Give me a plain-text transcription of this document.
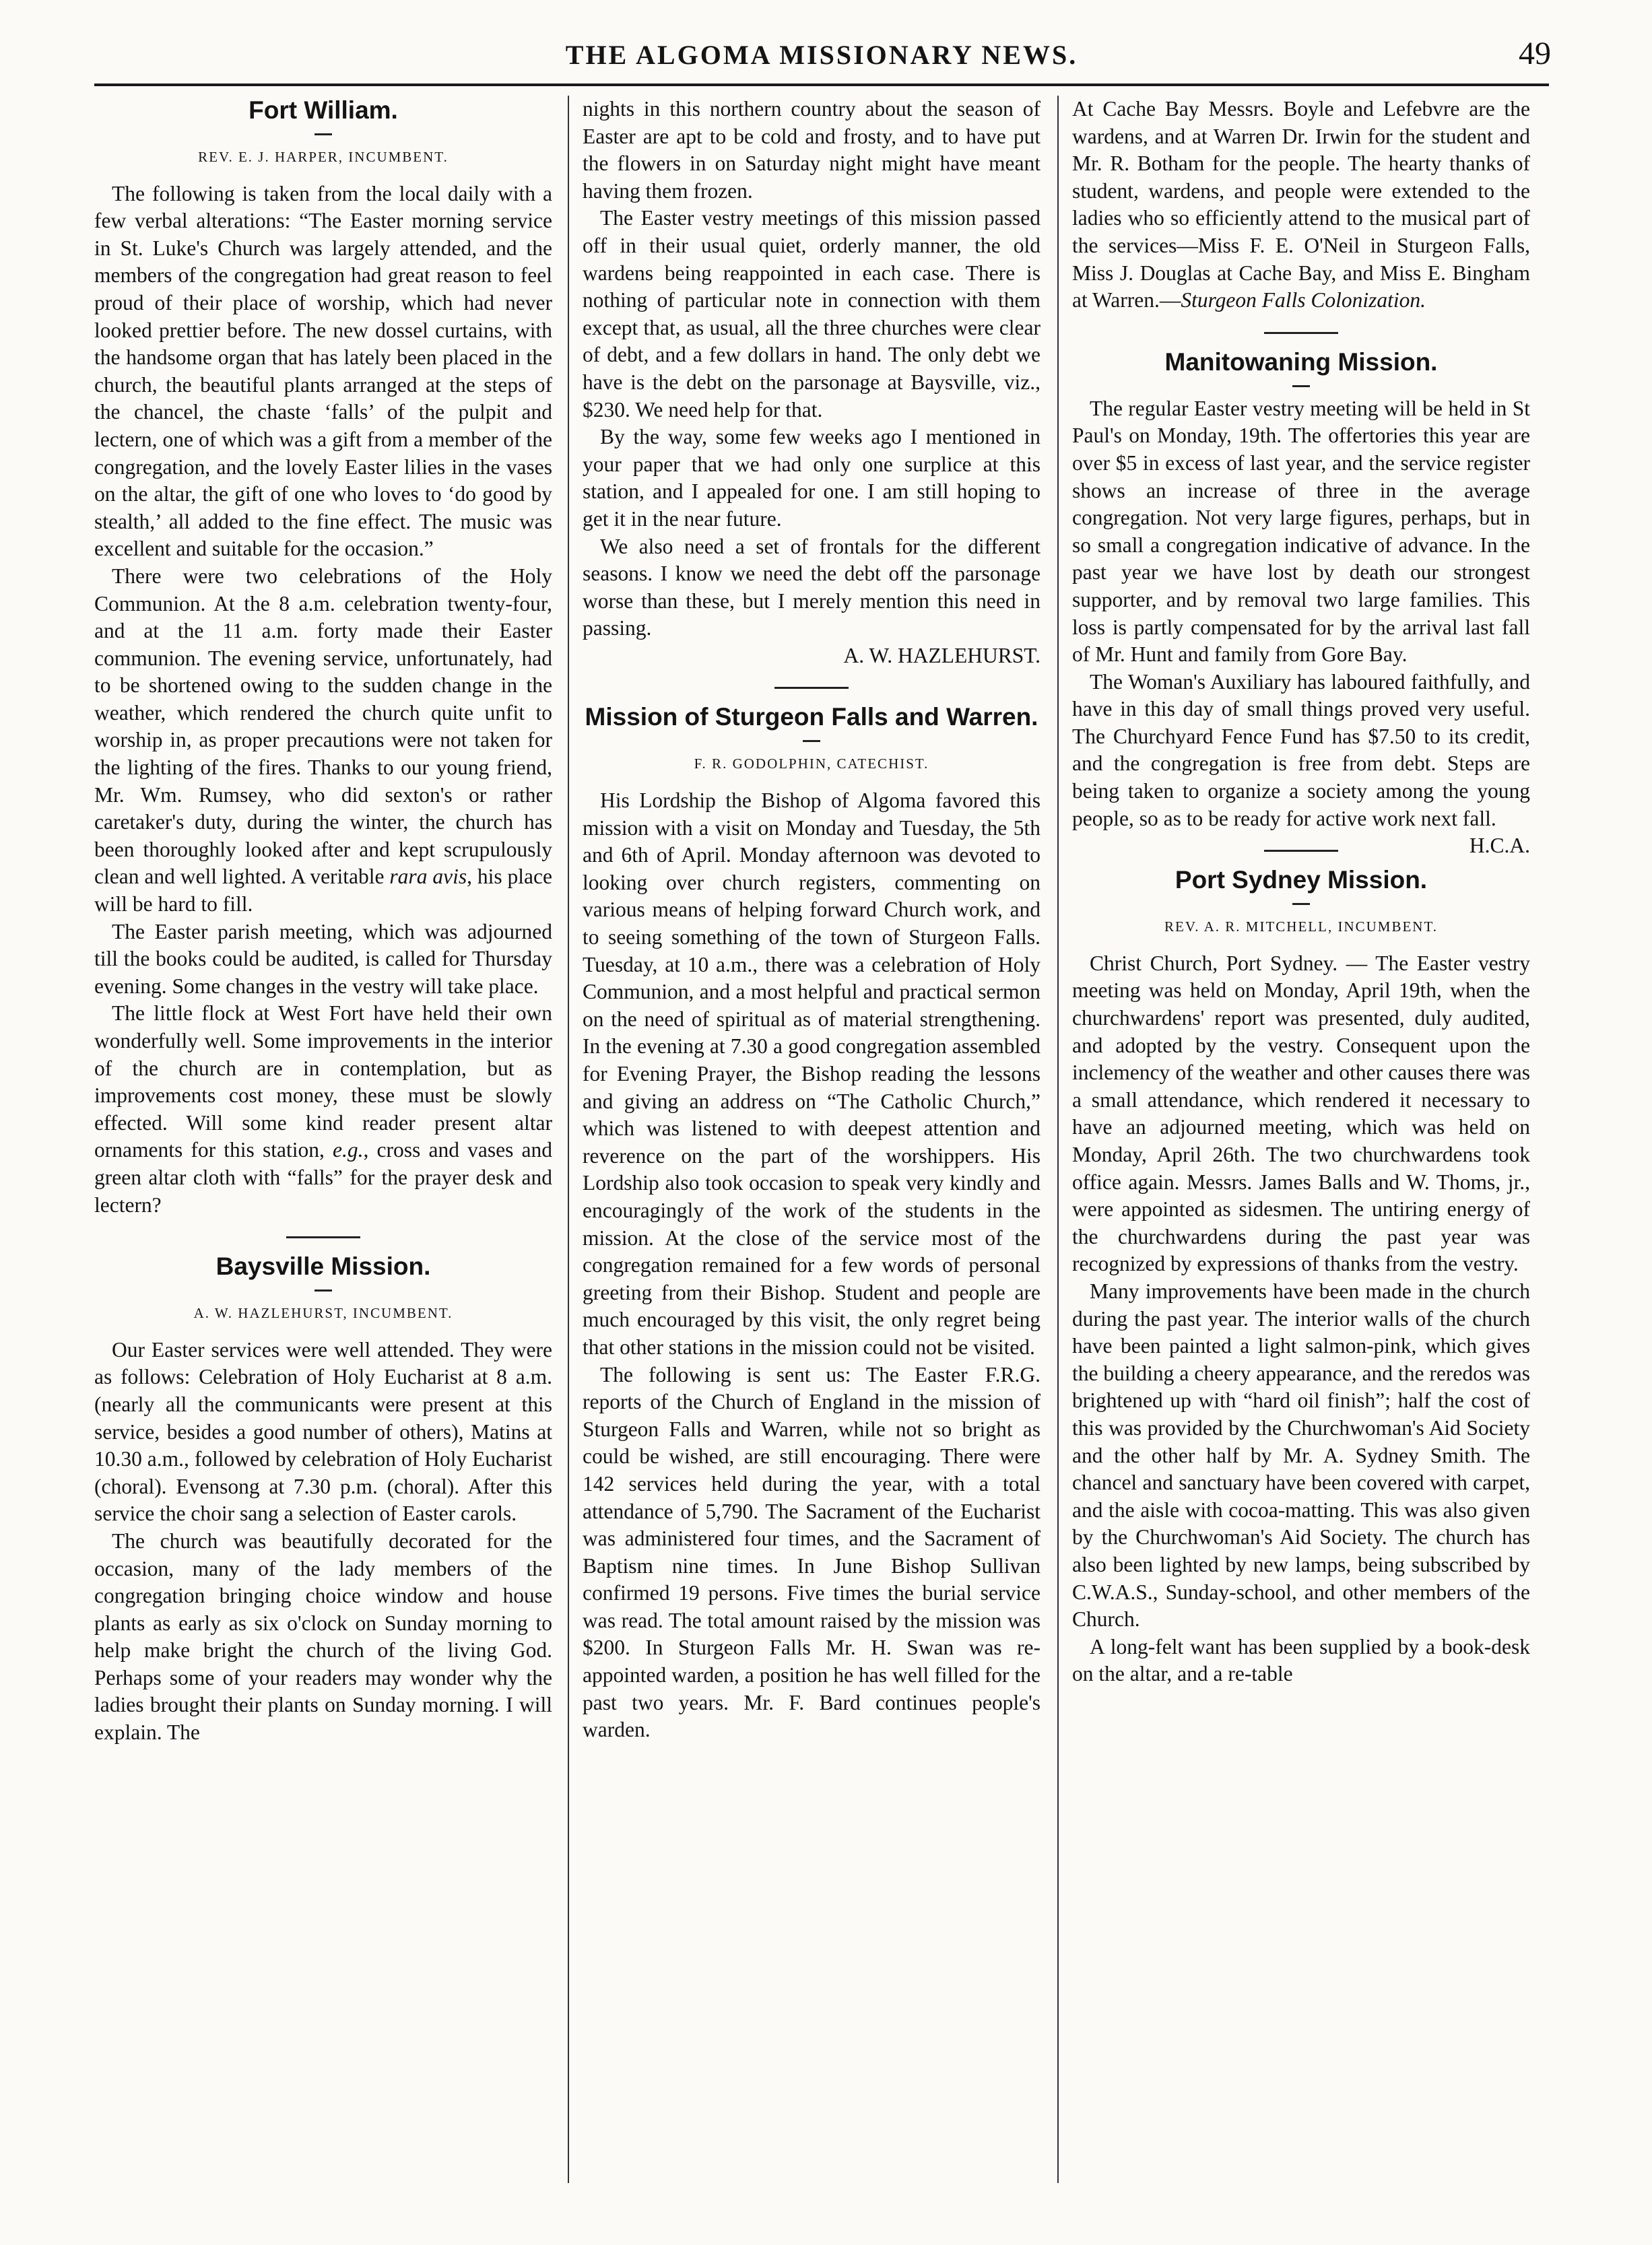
THE ALGOMA MISSIONARY NEWS.	49
Fort William.
REV. E. J. HARPER, INCUMBENT.

The following is taken from the local daily with a few verbal alterations: “The Easter morning service in St. Luke's Church was largely attended, and the members of the congregation had great reason to feel proud of their place of worship, which had never looked prettier before. The new dossel curtains, with the handsome organ that has lately been placed in the church, the beautiful plants arranged at the steps of the chancel, the chaste ‘falls’ of the pulpit and lectern, one of which was a gift from a member of the congregation, and the lovely Easter lilies in the vases on the altar, the gift of one who loves to ‘do good by stealth,’ all added to the fine effect. The music was excellent and suitable for the occasion.”

There were two celebrations of the Holy Communion. At the 8 a.m. celebration twenty-four, and at the 11 a.m. forty made their Easter communion. The evening service, unfortunately, had to be shortened owing to the sudden change in the weather, which rendered the church quite unfit to worship in, as proper precautions were not taken for the lighting of the fires. Thanks to our young friend, Mr. Wm. Rumsey, who did sexton's or rather caretaker's duty, during the winter, the church has been thoroughly looked after and kept scrupulously clean and well lighted. A veritable rara avis, his place will be hard to fill.

The Easter parish meeting, which was adjourned till the books could be audited, is called for Thursday evening. Some changes in the vestry will take place.

The little flock at West Fort have held their own wonderfully well. Some improvements in the interior of the church are in contemplation, but as improvements cost money, these must be slowly effected. Will some kind reader present altar ornaments for this station, e.g., cross and vases and green altar cloth with “falls” for the prayer desk and lectern?

Baysville Mission.
A. W. HAZLEHURST, INCUMBENT.

Our Easter services were well attended. They were as follows: Celebration of Holy Eucharist at 8 a.m. (nearly all the communicants were present at this service, besides a good number of others), Matins at 10.30 a.m., followed by celebration of Holy Eucharist (choral). Evensong at 7.30 p.m. (choral). After this service the choir sang a selection of Easter carols.

The church was beautifully decorated for the occasion, many of the lady members of the congregation bringing choice window and house plants as early as six o'clock on Sunday morning to help make bright the church of the living God. Perhaps some of your readers may wonder why the ladies brought their plants on Sunday morning. I will explain. The

nights in this northern country about the season of Easter are apt to be cold and frosty, and to have put the flowers in on Saturday night might have meant having them frozen.

The Easter vestry meetings of this mission passed off in their usual quiet, orderly manner, the old wardens being reappointed in each case. There is nothing of particular note in connection with them except that, as usual, all the three churches were clear of debt, and a few dollars in hand. The only debt we have is the debt on the parsonage at Baysville, viz., $230. We need help for that.

By the way, some few weeks ago I mentioned in your paper that we had only one surplice at this station, and I appealed for one. I am still hoping to get it in the near future.

We also need a set of frontals for the different seasons. I know we need the debt off the parsonage worse than these, but I merely mention this need in passing.

A. W. HAZLEHURST.
Mission of Sturgeon Falls and Warren.
F. R. GODOLPHIN, CATECHIST.

His Lordship the Bishop of Algoma favored this mission with a visit on Monday and Tuesday, the 5th and 6th of April. Monday afternoon was devoted to looking over church registers, commenting on various means of helping forward Church work, and to seeing something of the town of Sturgeon Falls. Tuesday, at 10 a.m., there was a celebration of Holy Communion, and a most helpful and practical sermon on the need of spiritual as of material strengthening. In the evening at 7.30 a good congregation assembled for Evening Prayer, the Bishop reading the lessons and giving an address on “The Catholic Church,” which was listened to with deepest attention and reverence on the part of the worshippers. His Lordship also took occasion to speak very kindly and encouragingly of the work of the students in the mission. At the close of the service most of the congregation remained for a few words of personal greeting from their Bishop. Student and people are much encouraged by this visit, the only regret being that other stations in the mission could not be visited.
F.R.G.

The following is sent us: The Easter reports of the Church of England in the mission of Sturgeon Falls and Warren, while not so bright as could be wished, are still encouraging. There were 142 services held during the year, with a total attendance of 5,790. The Sacrament of the Eucharist was administered four times, and the Sacrament of Baptism nine times. In June Bishop Sullivan confirmed 19 persons. Five times the burial service was read. The total amount raised by the mission was $200. In Sturgeon Falls Mr. H. Swan was re-appointed warden, a position he has well filled for the past two years. Mr. F. Bard continues people's warden.

At Cache Bay Messrs. Boyle and Lefebvre are the wardens, and at Warren Dr. Irwin for the student and Mr. R. Botham for the people. The hearty thanks of student, wardens, and people were extended to the ladies who so efficiently attend to the musical part of the services—Miss F. E. O'Neil in Sturgeon Falls, Miss J. Douglas at Cache Bay, and Miss E. Bingham at Warren.—Sturgeon Falls Colonization.

Manitowaning Mission.

The regular Easter vestry meeting will be held in St Paul's on Monday, 19th. The offertories this year are over $5 in excess of last year, and the service register shows an increase of three in the average congregation. Not very large figures, perhaps, but in so small a congregation indicative of advance. In the past year we have lost by death our strongest supporter, and by removal two large families. This loss is partly compensated for by the arrival last fall of Mr. Hunt and family from Gore Bay.

The Woman's Auxiliary has laboured faithfully, and have in this day of small things proved very useful. The Churchyard Fence Fund has $7.50 to its credit, and the congregation is free from debt. Steps are being taken to organize a society among the young people, so as to be ready for active work next fall.
H.C.A.

Port Sydney Mission.
REV. A. R. MITCHELL, INCUMBENT.

Christ Church, Port Sydney. — The Easter vestry meeting was held on Monday, April 19th, when the churchwardens' report was presented, duly audited, and adopted by the vestry. Consequent upon the inclemency of the weather and other causes there was a small attendance, which rendered it necessary to have an adjourned meeting, which was held on Monday, April 26th. The two churchwardens took office again. Messrs. James Balls and W. Thoms, jr., were appointed as sidesmen. The untiring energy of the churchwardens during the past year was recognized by expressions of thanks from the vestry.

Many improvements have been made in the church during the past year. The interior walls of the church have been painted a light salmon-pink, which gives the building a cheery appearance, and the reredos was brightened up with “hard oil finish”; half the cost of this was provided by the Churchwoman's Aid Society and the other half by Mr. A. Sydney Smith. The chancel and sanctuary have been covered with carpet, and the aisle with cocoa-matting. This was also given by the Churchwoman's Aid Society. The church has also been lighted by new lamps, being subscribed by C.W.A.S., Sunday-school, and other members of the Church.

A long-felt want has been supplied by a book-desk on the altar, and a re-table
